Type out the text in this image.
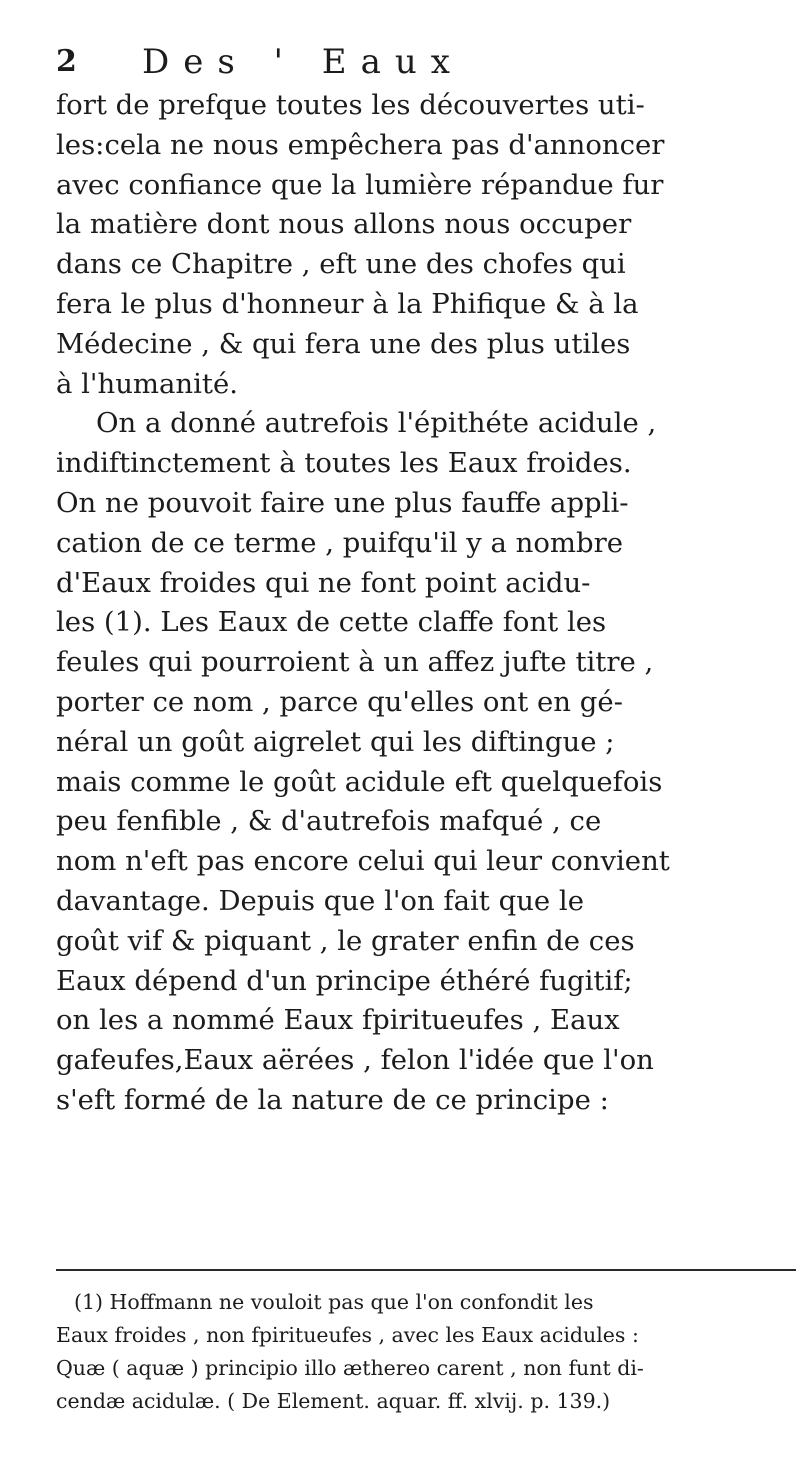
2 Des ' Eaux
fort de prefque toutes les découvertes uti-
les:cela ne nous empêchera pas d'annoncer
avec confiance que la lumière répandue fur
la matière dont nous allons nous occuper
dans ce Chapitre , eft une des chofes qui
fera le plus d'honneur à la Phifique & à la
Médecine , & qui fera une des plus utiles
à l'humanité.
On a donné autrefois l'épithéte acidule ,
indiftinctement à toutes les Eaux froides.
On ne pouvoit faire une plus fauffe appli-
cation de ce terme , puifqu'il y a nombre
d'Eaux froides qui ne font point acidu-
les (1). Les Eaux de cette claffe font les
feules qui pourroient à un affez jufte titre ,
porter ce nom , parce qu'elles ont en gé-
néral un goût aigrelet qui les diftingue ;
mais comme le goût acidule eft quelquefois
peu fenfible , & d'autrefois mafqué , ce
nom n'eft pas encore celui qui leur convient
davantage. Depuis que l'on fait que le
goût vif & piquant , le grater enfin de ces
Eaux dépend d'un principe éthéré fugitif;
on les a nommé Eaux fpiritueufes , Eaux
gafeufes,Eaux aërées , felon l'idée que l'on
s'eft formé de la nature de ce principe :
(1) Hoffmann ne vouloit pas que l'on confondit les
Eaux froides , non fpiritueufes , avec les Eaux acidules :
Quæ ( aquæ ) principio illo æthereo carent , non funt di-
cendæ acidulæ. ( De Element. aquar. ff. xlvij. p. 139.)
